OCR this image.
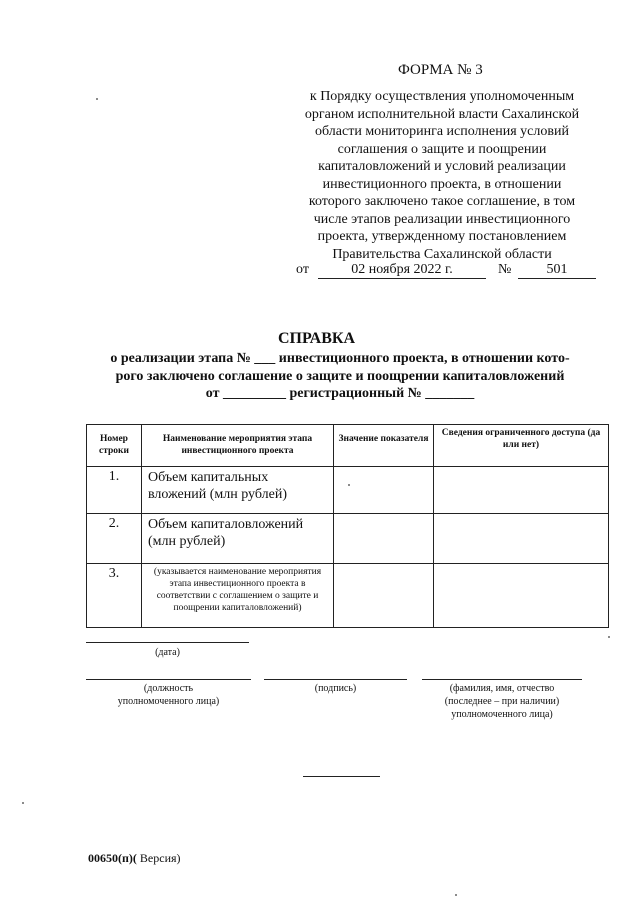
ФОРМА № 3
к Порядку осуществления уполномоченным
органом исполнительной власти Сахалинской
области мониторинга исполнения условий
соглашения о защите и поощрении
капиталовложений и условий реализации
инвестиционного проекта, в отношении
которого заключено такое соглашение, в том
числе этапов реализации инвестиционного
проекта, утвержденному постановлением
Правительства Сахалинской области
от	02 ноября 2022 г.	№	501
СПРАВКА
о реализации этапа № ___ инвестиционного проекта, в отношении кото-
рого заключено соглашение о защите и поощрении капиталовложений
от _________ регистрационный № _______
Номер строки	Наименование мероприятия этапа инвестиционного проекта	Значение показателя	Сведения ограниченного доступа (да или нет)
1.	Объем капитальных вложений (млн рублей)		
2.	Объем капиталовложений (млн рублей)		
3.	(указывается наименование мероприятия этапа инвестиционного проекта в соответствии с соглашением о защите и поощрении капиталовложений)		
(дата)
(должность
уполномоченного лица)
(подпись)	(фамилия, имя, отчество
(последнее – при наличии)
уполномоченного лица)
00650(п)( Версия)
